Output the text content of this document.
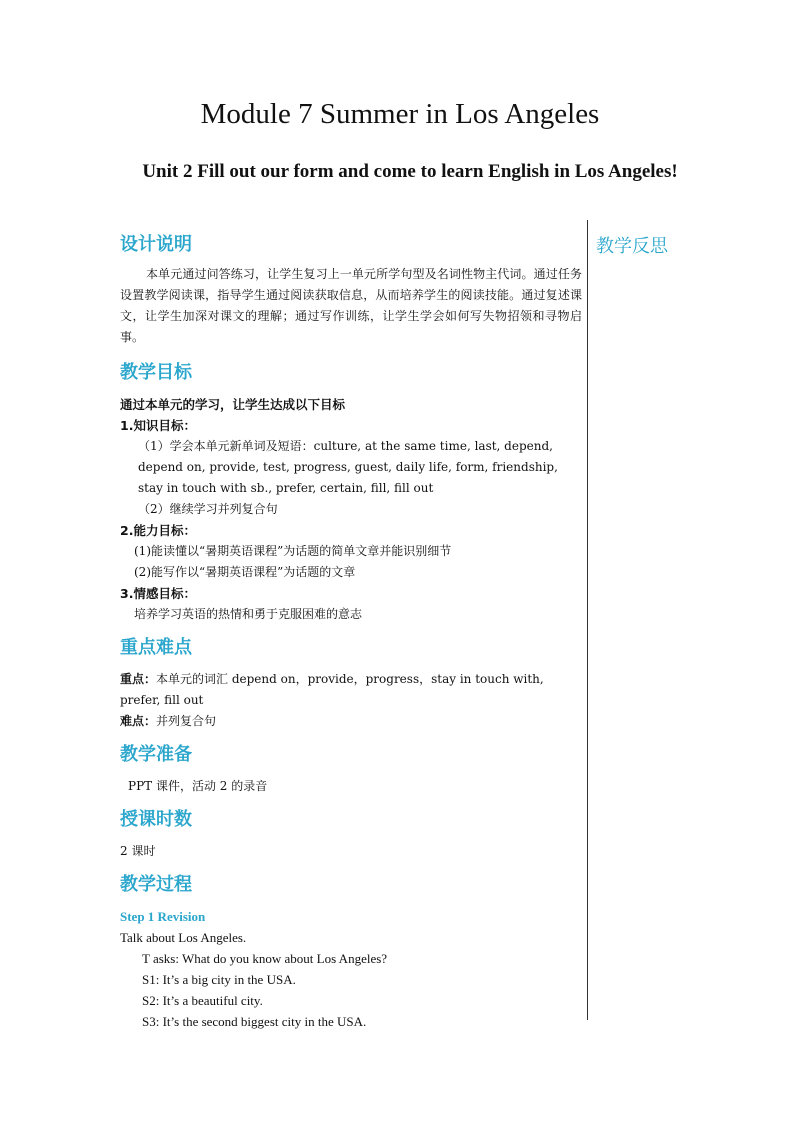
Module 7 Summer in Los Angeles
Unit 2 Fill out our form and come to learn English in Los Angeles!
教学反思
设计说明

本单元通过问答练习，让学生复习上一单元所学句型及名词性物主代词。通过任务设置教学阅读课，指导学生通过阅读获取信息，从而培养学生的阅读技能。通过复述课文，让学生加深对课文的理解；通过写作训练，让学生学会如何写失物招领和寻物启事。

教学目标

通过本单元的学习，让学生达成以下目标

1.知识目标：

（1）学会本单元新单词及短语：culture, at the same time, last, depend, depend on, provide, test, progress, guest, daily life, form, friendship, stay in touch with sb., prefer, certain, fill, fill out

（2）继续学习并列复合句

2.能力目标：

(1)能读懂以“暑期英语课程”为话题的简单文章并能识别细节

(2)能写作以“暑期英语课程”为话题的文章

3.情感目标：

培养学习英语的热情和勇于克服困难的意志

重点难点

重点：本单元的词汇 depend on，provide，progress，stay in touch with, prefer, fill out

难点：并列复合句

教学准备

PPT 课件，活动 2 的录音

授课时数

2 课时

教学过程

Step 1 Revision

Talk about Los Angeles.

T asks: What do you know about Los Angeles?

S1: It’s a big city in the USA.

S2: It’s a beautiful city.

S3: It’s the second biggest city in the USA.
